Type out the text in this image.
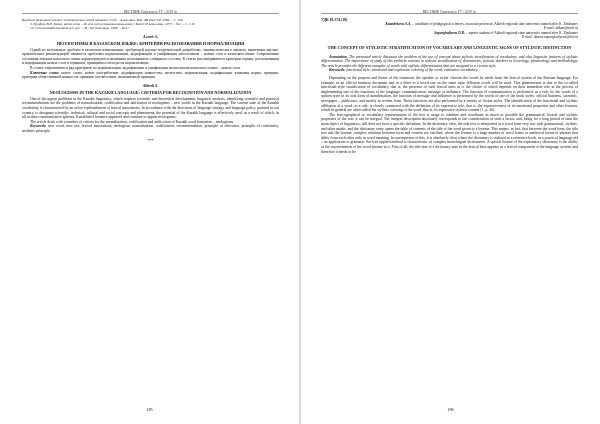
ВЕСТНИК Таразского ГУ / 2019 №

Введение развития сельских электрических сетей периода СССР. – Алма-Ата, Изд. АН КазССР, 1984. – С. 190.

9. Ерофеев В.П. Казах. радио сети – 40 лет пути (Алматы/Алма-ата) // КазССР Алма-Ата. 1977. – №1. – С. 1–8.

10. Сельскохозяйственный всп. рес. – М., Русский язык, 1986. – 624 с.

Ахмед А.
НЕОЛОГИЗМЫ В КАЗАХСКОМ ЯЗЫКЕ: КРИТЕРИИ РАСПОЗНАВАНИЯ И НОРМАЛИЗАЦИЯ

Одной из актуальных проблем в казахском языкознании, требующей научно-теоретической разработки, лингвистического анализа, выявления научно-практических рекомендаций, являются проблемы нормализации, кодификации и унификации неологизмов – новых слов в казахском языке. Современные состояния лексики казахского языка характеризуются активным пополнением словарного состава. В статье рассматриваются критерии оценки, распознавания и кодификации новых слов и терминов, принципы и методы их нормализации.

В статье затрагиваются ряд критериев по нормализации, кодификации и унификации неологизмов казахского языка – новых слов.

Ключевые слова: новое слово, новое употребление, кодификация новшества, неологизм, нормализация, кодификация, языковая норма, принцип, критерии общественной важности, принцип соответствия, экономичный принцип.

Akhedi A.
NEOLOGISMS IN THE KAZAKH LANGUAGE: CRITERIA FOR RECOGNITION AND NORMALIZATION

One of the urgent problems in the Kazakh linguistics, which requires scientific and theoretical development, linguistic analysis, identifying scientific and practical recommendations are the problems of normalization, codification and unification of neologisms – new words in the Kazakh language. The current state of the Kazakh vocabulary is characterized by an active replenishment of lexical innovations. In accordance with the directions of language strategy and language policy pursued in our country, to designate scientific, technical, cultural and social concepts and phenomena, the potential of the Kazakh language is effectively used, as a result of which, in all written communicative spheres, Kazakhized lexemes appeared and continue to appear neologisms.

The article deals with a number of criteria for the normalization, codification and unification of Kazakh word formation – neologisms.

Keywords: new word, new use, lexical innovations, neologism, normalization, codification, recommendation, principle of relevance, principle of conformity, aesthetic principle.

***
185
ВЕСТНИК Таразского ГУ / 2019 №
УДК 81.374 (18)
Kuanbekova A.A. – candidate of pedagogical sciences, associate professor, Akhedi regional state university named after K. Zhubanov
E-mail: akkan@mail.ru
Saparghaliyeva D.D. – master student of Akhedi regional state university named after K. Zhubanov
E-mail: dinara.saparghaliyeva@list.ru
THE CONCEPT OF STYLISTIC STRATIFICATION OF VOCABULARY AND LINGUISTIC SIGNS OF STYLISTIC DISTINCTION

Annotation. The presented article discusses the problem of the use of concept about stylistic stratification of vocabulary, and also linguistic features of stylistic differentiation. The importance of study of this problem consists in stylistic stratification of dictionaries, stylistic markers in lexicology, phraseology and methodology. The article provides the different examples of words with stylistic differentiation that are assigned to a certain style.

Keywords: functional style, emotional and expressive coloring of the word, evaluative vocabulary.

Depending on the purpose and theme of the statement, the speaker or writer chooses the words he needs from the lexical system of the Russian language. For example, in an official business document and in a letter to a loved one on the same topic different words will be used. This phenomenon is due to the so-called functional-style stratification of vocabulary, that is, the presence of such lexical units in it, the choice of which depends on their immediate role in the process of implementing one of the functions of the language: communication, message or influence. The function of communication is performed, as a rule, by the words of a spoken style in its oral form of manifestation, the function of message and influence is performed by the words of one of the book styles: official business, scientific, newspaper – publicistic, and mostly in written form. These functions are also performed by a variety of fiction styles. The identification of the functional and stylistic affiliation of a word, as a rule, is closely connected with the definition of its expressive role, that is, the expressiveness of its emotional properties and other features, which in general are often called the stylistic coloring of the word, that is, its expressive stylistic content [1, p. 26].

The lexicographical or vocabulary representation of the text is usage to combine and coordinate as much as possible the grammatical, lexical and stylistic properties of the text, it can be integral. The integral description absolutely corresponds to the consideration of such a factor, and, being for a long period of time the main object of linguistics, still does not have a specific definition. In the dictionary view, the title text is interpreted as a word form very low with grammatical, stylistic, and other marks, and the dictionary entry opens the table of contents of the title of the word given to a lexeme. This means, in fact, that between the word form, the title text and the lexeme, complex relations between form and content are clarified, where the lexeme is a huge number of word forms or analytical forms of phrases that differ from each other only in word meaning. In consequence of this, it is absolutely clear where the dictionary is realized as a reference book, as a practical language aid – an application to grammar. Such an applied method is characteristic of complex monolingual dictionaries. A special feature of the explanatory dictionary is the ability of the representation of the word lexeme in it. First of all, the title text of a dictionary note in the lexical base appears as a lexical component of the language system, and therefore it needs to be

186
